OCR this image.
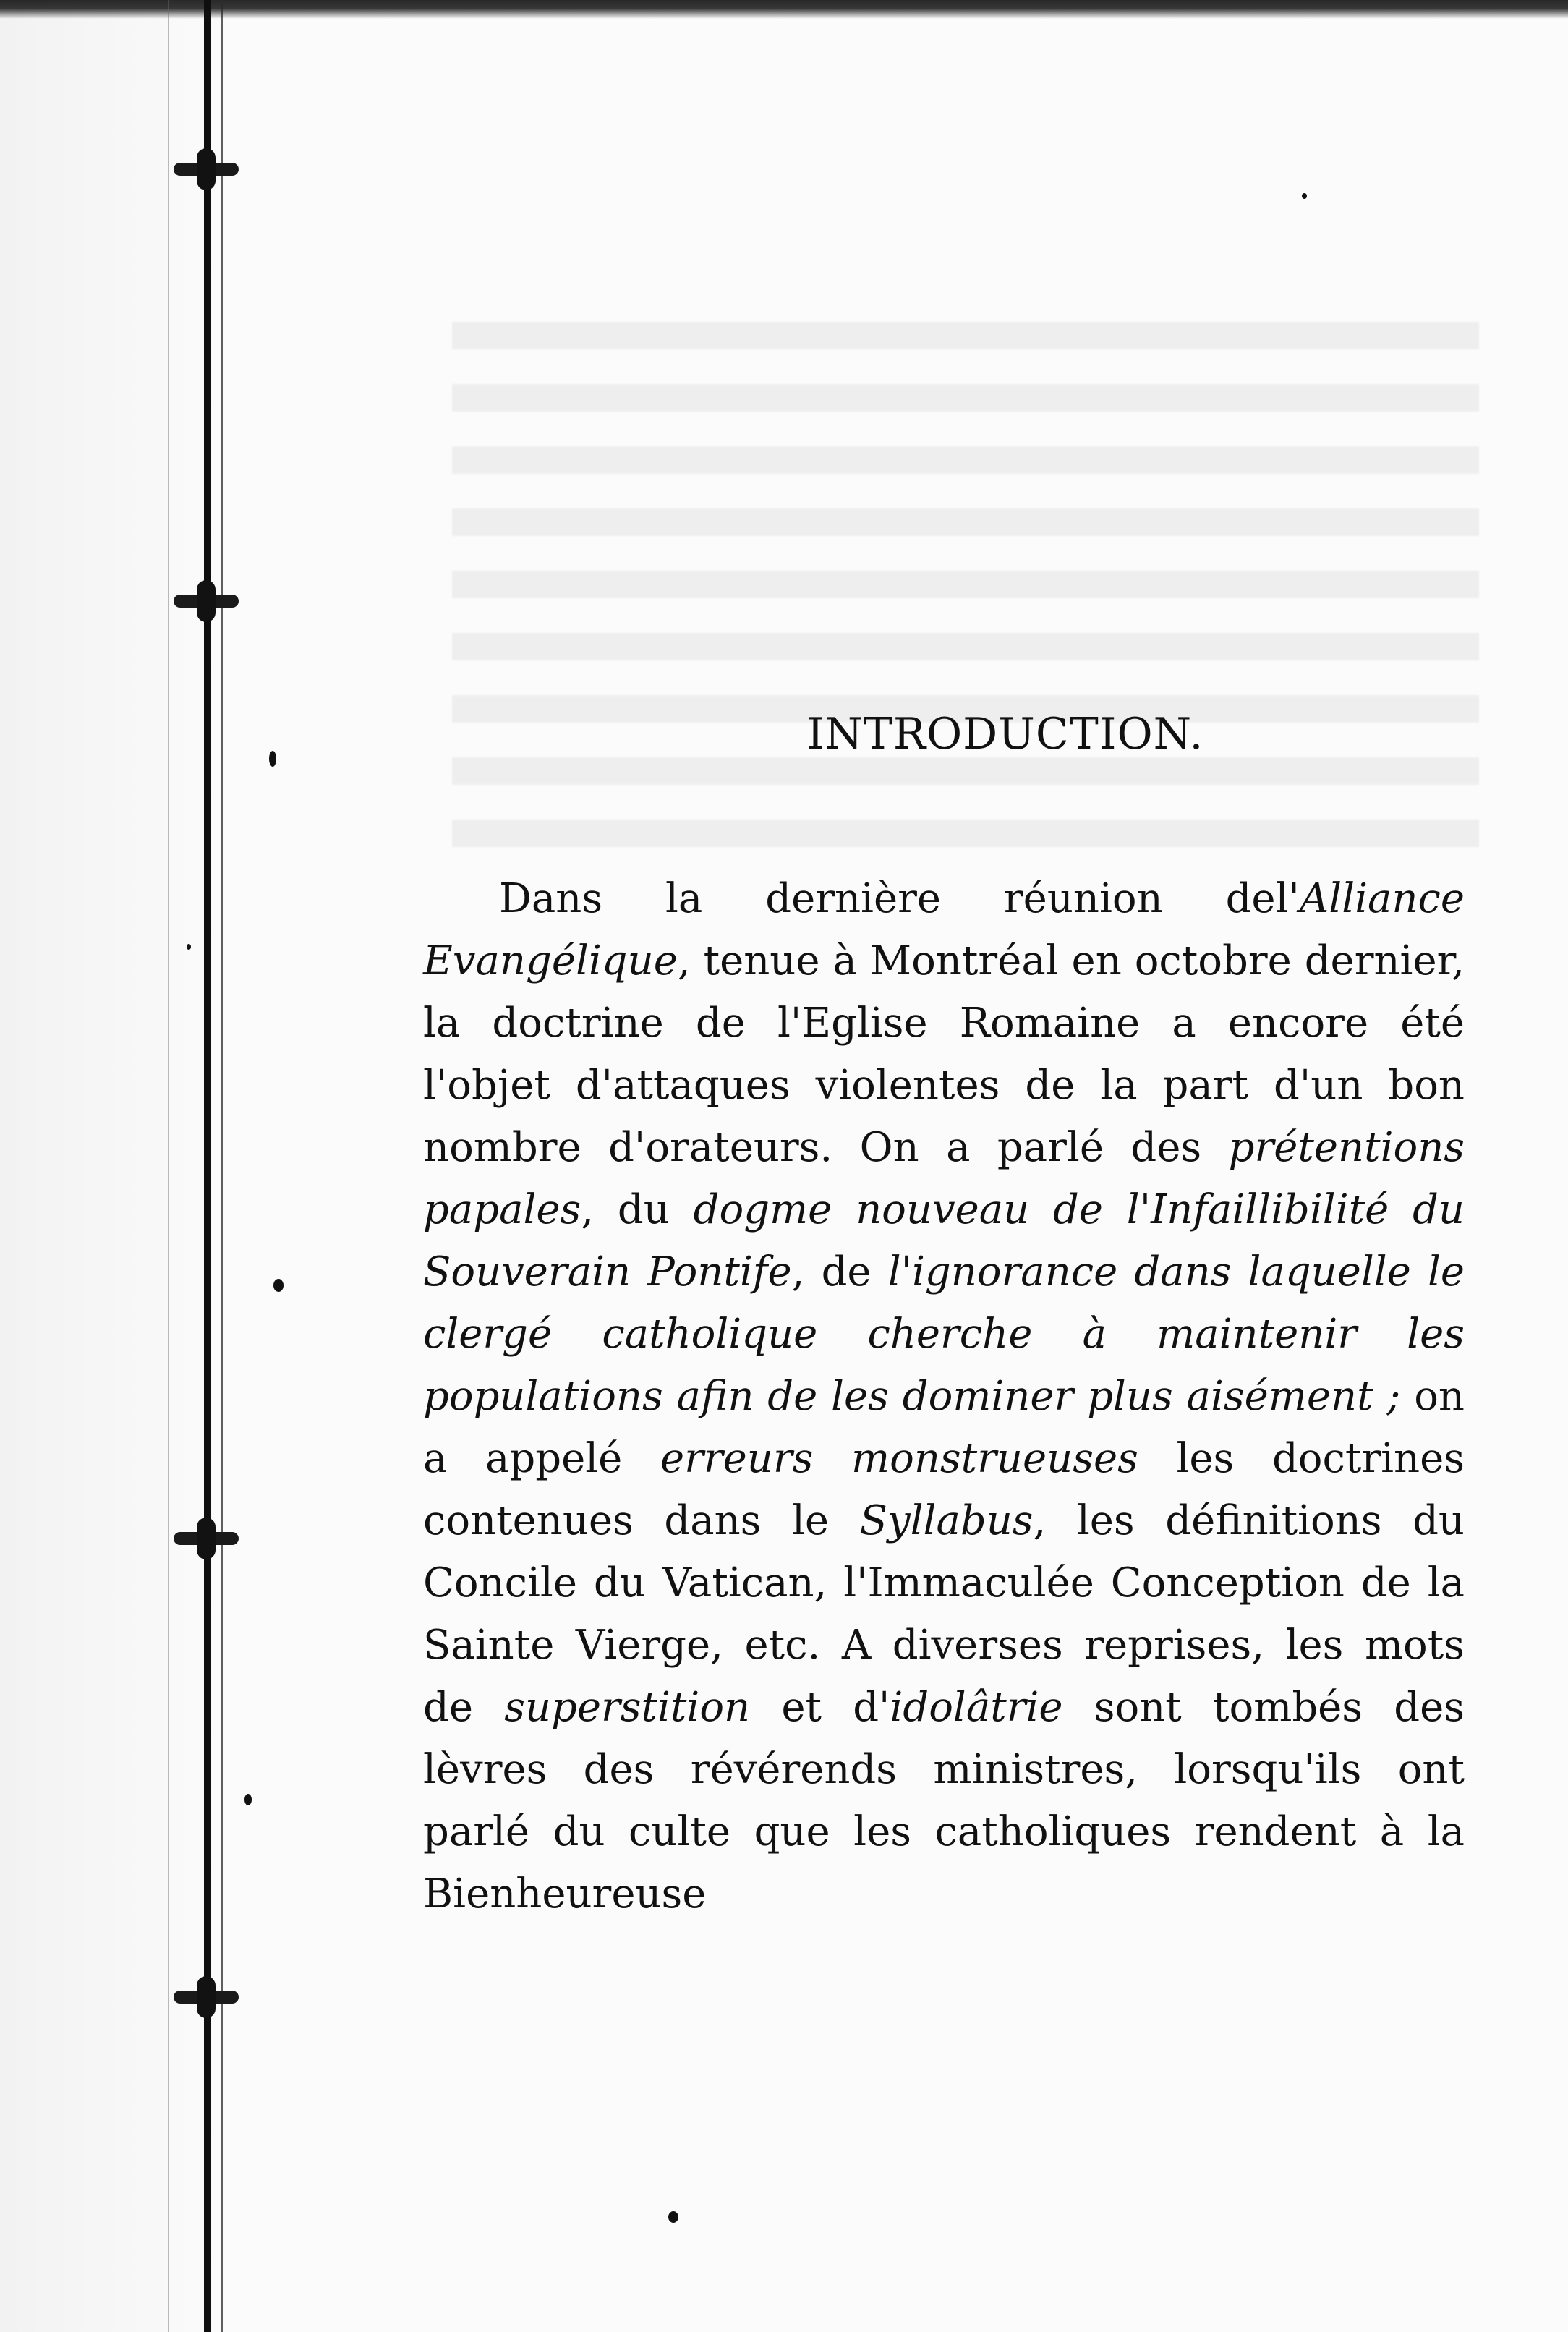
INTRODUCTION.

Dans la dernière réunion del'Alliance Evangélique, tenue à Montréal en octobre dernier, la doctrine de l'Eglise Romaine a encore été l'objet d'attaques violentes de la part d'un bon nombre d'orateurs. On a parlé des prétentions papales, du dogme nouveau de l'Infaillibilité du Souverain Pontife, de l'ignorance dans laquelle le clergé catholique cherche à maintenir les populations afin de les dominer plus aisément ; on a appelé erreurs monstrueuses les doctrines contenues dans le Syllabus, les définitions du Concile du Vatican, l'Immaculée Conception de la Sainte Vierge, etc. A diverses reprises, les mots de superstition et d'idolâtrie sont tombés des lèvres des révérends ministres, lorsqu'ils ont parlé du culte que les catholiques rendent à la Bienheureuse
